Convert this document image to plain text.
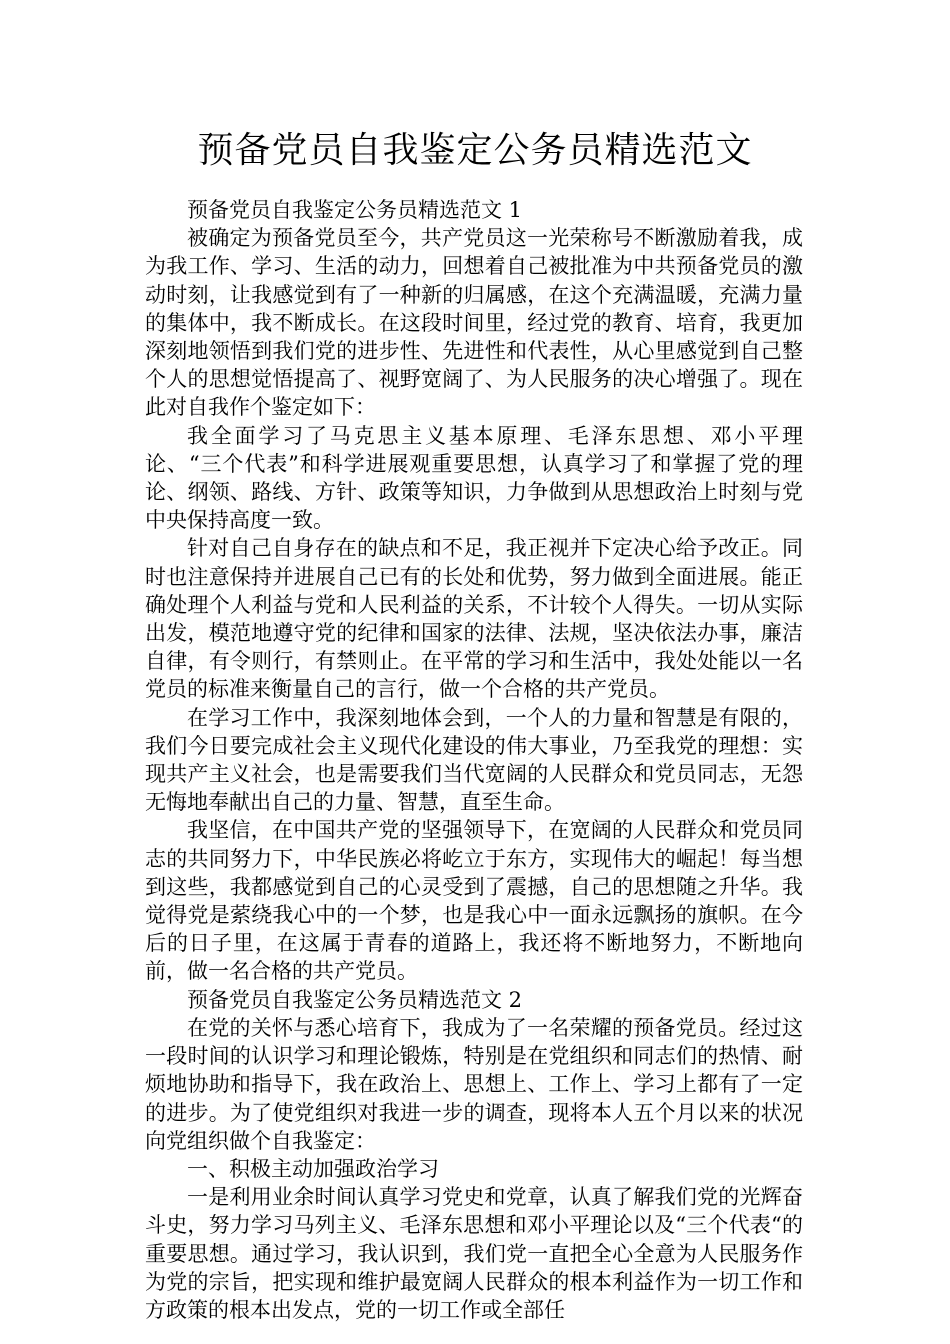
预备党员自我鉴定公务员精选范文

预备党员自我鉴定公务员精选范文 1

被确定为预备党员至今，共产党员这一光荣称号不断激励着我，成为我工作、学习、生活的动力，回想着自己被批准为中共预备党员的激动时刻，让我感觉到有了一种新的归属感，在这个充满温暖，充满力量的集体中，我不断成长。在这段时间里，经过党的教育、培育，我更加深刻地领悟到我们党的进步性、先进性和代表性，从心里感觉到自己整个人的思想觉悟提高了、视野宽阔了、为人民服务的决心增强了。现在此对自我作个鉴定如下：

我全面学习了马克思主义基本原理、毛泽东思想、邓小平理论、“三个代表”和科学进展观重要思想，认真学习了和掌握了党的理论、纲领、路线、方针、政策等知识，力争做到从思想政治上时刻与党中央保持高度一致。

针对自己自身存在的缺点和不足，我正视并下定决心给予改正。同时也注意保持并进展自己已有的长处和优势，努力做到全面进展。能正确处理个人利益与党和人民利益的关系，不计较个人得失。一切从实际出发，模范地遵守党的纪律和国家的法律、法规，坚决依法办事，廉洁自律，有令则行，有禁则止。在平常的学习和生活中，我处处能以一名党员的标准来衡量自己的言行，做一个合格的共产党员。

在学习工作中，我深刻地体会到，一个人的力量和智慧是有限的，我们今日要完成社会主义现代化建设的伟大事业，乃至我党的理想：实现共产主义社会，也是需要我们当代宽阔的人民群众和党员同志，无怨无悔地奉献出自己的力量、智慧，直至生命。

我坚信，在中国共产党的坚强领导下，在宽阔的人民群众和党员同志的共同努力下，中华民族必将屹立于东方，实现伟大的崛起！每当想到这些，我都感觉到自己的心灵受到了震撼，自己的思想随之升华。我觉得党是萦绕我心中的一个梦，也是我心中一面永远飘扬的旗帜。在今后的日子里，在这属于青春的道路上，我还将不断地努力，不断地向前，做一名合格的共产党员。

预备党员自我鉴定公务员精选范文 2

在党的关怀与悉心培育下，我成为了一名荣耀的预备党员。经过这一段时间的认识学习和理论锻炼，特别是在党组织和同志们的热情、耐烦地协助和指导下，我在政治上、思想上、工作上、学习上都有了一定的进步。为了使党组织对我进一步的调查，现将本人五个月以来的状况向党组织做个自我鉴定：

一、积极主动加强政治学习

一是利用业余时间认真学习党史和党章，认真了解我们党的光辉奋斗史，努力学习马列主义、毛泽东思想和邓小平理论以及“三个代表“的重要思想。通过学习，我认识到，我们党一直把全心全意为人民服务作为党的宗旨，把实现和维护最宽阔人民群众的根本利益作为一切工作和方政策的根本出发点，党的一切工作或全部任
